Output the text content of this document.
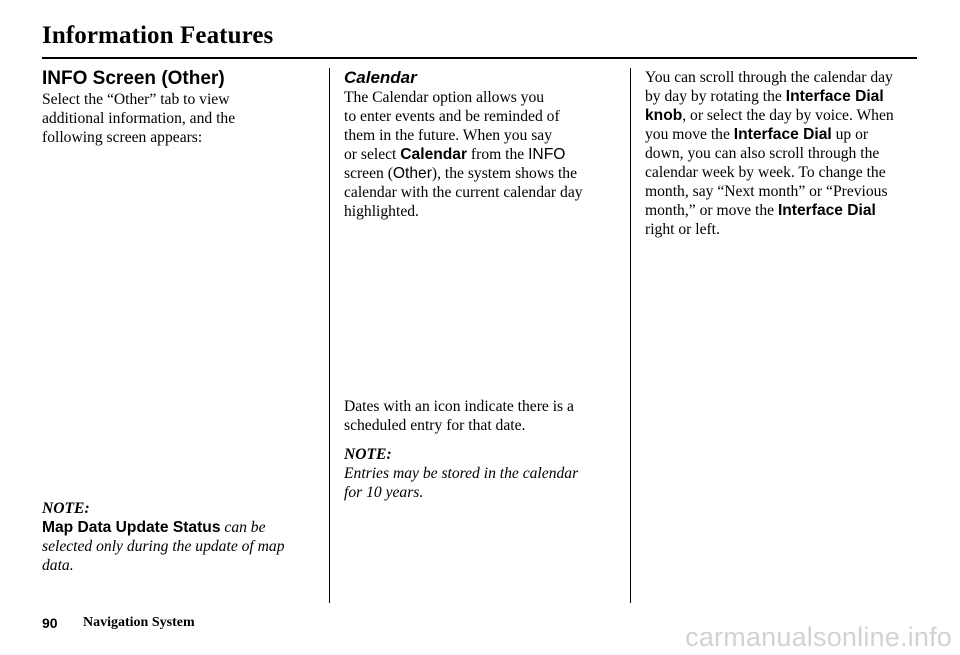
Information Features

INFO Screen (Other)

Select the “Other” tab to view

additional information, and the

following screen appears:

NOTE:

Map Data Update Status can be

selected only during the update of map

data.

Calendar

The Calendar option allows you

to enter events and be reminded of

them in the future. When you say

or select Calendar from the INFO

screen (Other), the system shows the

calendar with the current calendar day

highlighted.

Dates with an icon indicate there is a

scheduled entry for that date.

NOTE:

Entries may be stored in the calendar

for 10 years.

You can scroll through the calendar day

by day by rotating the Interface Dial

knob, or select the day by voice. When

you move the Interface Dial up or

down, you can also scroll through the

calendar week by week. To change the

month, say “Next month” or “Previous

month,” or move the Interface Dial

right or left.

90 Navigation System	carmanualsonline.info
